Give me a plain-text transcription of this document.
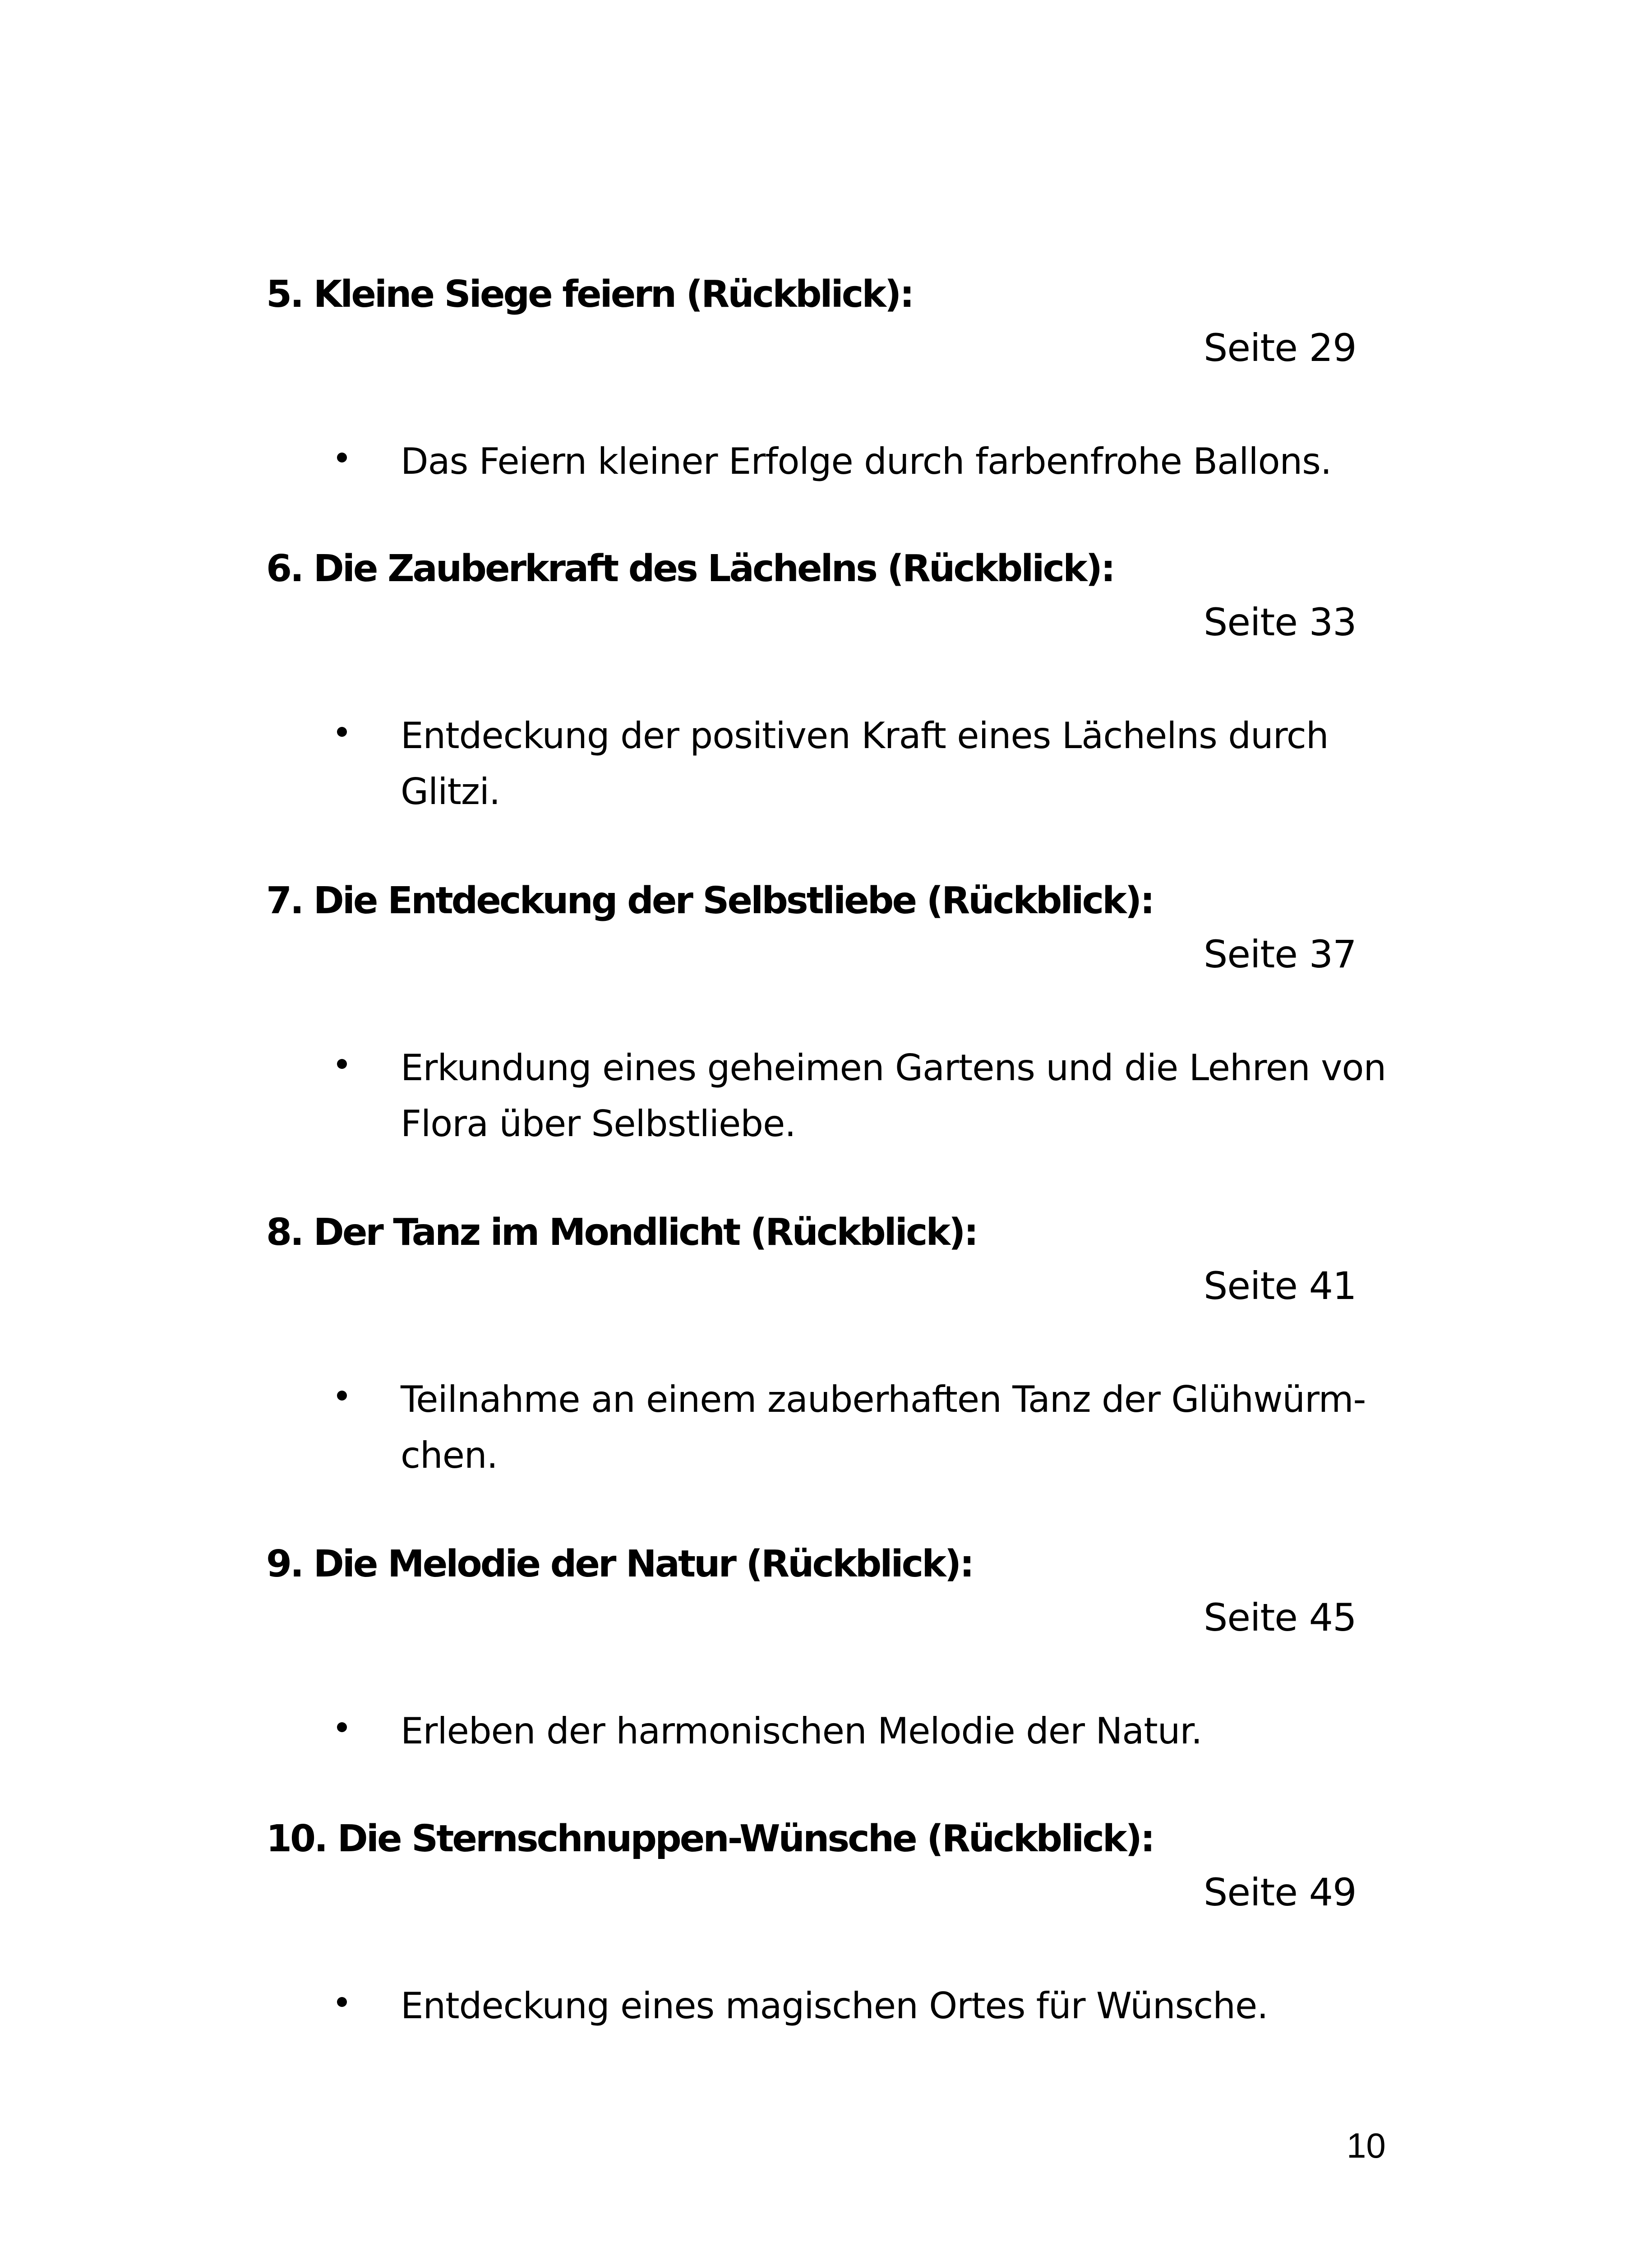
5. Kleine Siege feiern (Rückblick):
Seite 29
Das Feiern kleiner Erfolge durch farbenfrohe Ballons.
6. Die Zauberkraft des Lächelns (Rückblick):
Seite 33
Entdeckung der positiven Kraft eines Lächelns durch
Glitzi.
7. Die Entdeckung der Selbstliebe (Rückblick):
Seite 37
Erkundung eines geheimen Gartens und die Lehren von
Flora über Selbstliebe.
8. Der Tanz im Mondlicht (Rückblick):
Seite 41
Teilnahme an einem zauberhaften Tanz der Glühwürm-
chen.
9. Die Melodie der Natur (Rückblick):
Seite 45
Erleben der harmonischen Melodie der Natur.
10. Die Sternschnuppen-Wünsche (Rückblick):
Seite 49
Entdeckung eines magischen Ortes für Wünsche.
10
